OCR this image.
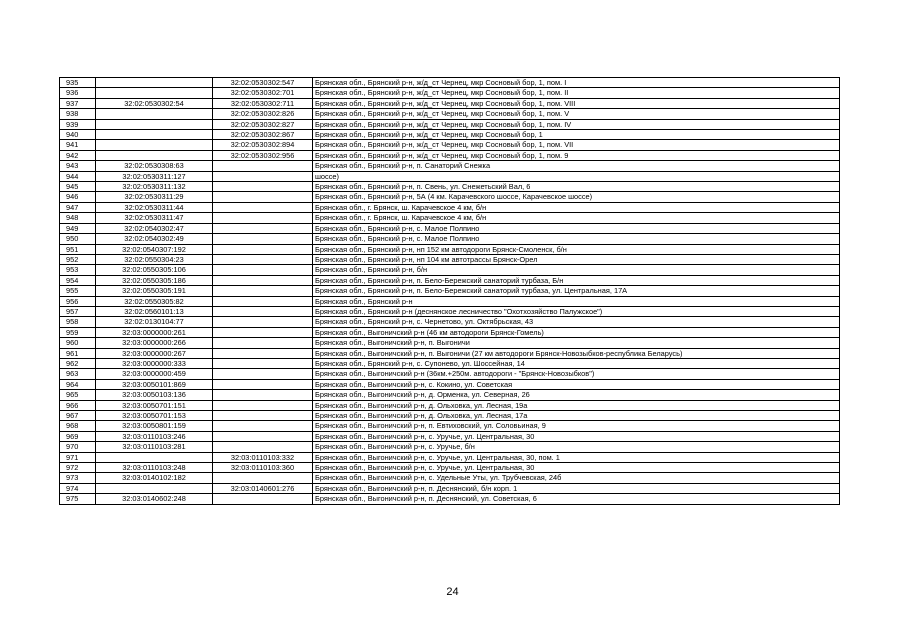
935		32:02:0530302:547	Брянская обл., Брянский р-н, ж/д_ст Чернец, мкр Сосновый бор, 1, пом. I
936		32:02:0530302:701	Брянская обл., Брянский р-н, ж/д_ст Чернец, мкр Сосновый бор, 1, пом. II
937	32:02:0530302:54	32:02:0530302:711	Брянская обл., Брянский р-н, ж/д_ст Чернец, мкр Сосновый бор, 1, пом. VIII
938		32:02:0530302:826	Брянская обл., Брянский р-н, ж/д_ст Чернец, мкр Сосновый бор, 1, пом. V
939		32:02:0530302:827	Брянская обл., Брянский р-н, ж/д_ст Чернец, мкр Сосновый бор, 1, пом. IV
940		32:02:0530302:867	Брянская обл., Брянский р-н, ж/д_ст Чернец, мкр Сосновый бор, 1
941		32:02:0530302:894	Брянская обл., Брянский р-н, ж/д_ст Чернец, мкр Сосновый бор, 1, пом. VII
942		32:02:0530302:956	Брянская обл., Брянский р-н, ж/д_ст Чернец, мкр Сосновый бор, 1, пом. 9
943	32:02:0530308:63		Брянская обл., Брянский р-н, п. Санаторий Снежка
944	32:02:0530311:127		шоссе)
945	32:02:0530311:132		Брянская обл., Брянский р-н, п. Свень, ул. Снежетьский Вал, 6
946	32:02:0530311:29		Брянская обл., Брянский р-н, 5А (4 км. Карачевского шоссе, Карачевское шоссе)
947	32:02:0530311:44		Брянская обл., г. Брянск, ш. Карачевское 4 км, б/н
948	32:02:0530311:47		Брянская обл., г. Брянск, ш. Карачевское 4 км, б/н
949	32:02:0540302:47		Брянская обл., Брянский р-н, с. Малое Полпино
950	32:02:0540302:49		Брянская обл., Брянский р-н, с. Малое Полпино
951	32:02:0540307:192		Брянская обл., Брянский р-н, нп 152 км автодороги Брянск-Смоленск, б/н
952	32:02:0550304:23		Брянская обл., Брянский р-н, нп 104 км автотрассы Брянск-Орел
953	32:02:0550305:106		Брянская обл., Брянский р-н, б/н
954	32:02:0550305:186		Брянская обл., Брянский р-н, п. Бело-Бережский санаторий турбаза, Б/н
955	32:02:0550305:191		Брянская обл., Брянский р-н, п. Бело-Бережский санаторий турбаза, ул. Центральная, 17А
956	32:02:0550305:82		Брянская обл., Брянский р-н
957	32:02:0560101:13		Брянская обл., Брянский р-н (деснянское лесничество "Охотхозяйство Палужское")
958	32:02:0130104:77		Брянская обл., Брянский р-н, с. Чернетово, ул. Октябрьская, 43
959	32:03:0000000:261		Брянская обл., Выгоничский р-н (46 км автодороги Брянск-Гомель)
960	32:03:0000000:266		Брянская обл., Выгоничский р-н, п. Выгоничи
961	32:03:0000000:267		Брянская обл., Выгоничский р-н, п. Выгоничи (27 км автодороги Брянск-Новозыбков-республика Беларусь)
962	32:03:0000000:333		Брянская обл., Брянский р-н, с. Супонево, ул. Шоссейная, 14
963	32:03:0000000:459		Брянская обл., Выгоничский р-н (36км.+250м. автодороги - "Брянск-Новозыбков")
964	32:03:0050101:869		Брянская обл., Выгоничский р-н, с. Кокино, ул. Советская
965	32:03:0050103:136		Брянская обл., Выгоничский р-н, д. Орменка, ул. Северная, 26
966	32:03:0050701:151		Брянская обл., Выгоничский р-н, д. Ольховка, ул. Лесная, 19а
967	32:03:0050701:153		Брянская обл., Выгоничский р-н, д. Ольховка, ул. Лесная, 17а
968	32:03:0050801:159		Брянская обл., Выгоничский р-н, п. Евтиховский, ул. Соловьиная, 9
969	32:03:0110103:246		Брянская обл., Выгоничский р-н, с. Уручье, ул. Центральная, 30
970	32:03:0110103:281		Брянская обл., Выгоничский р-н, с. Уручье, б/н
971		32:03:0110103:332	Брянская обл., Выгоничский р-н, с. Уручье, ул. Центральная, 30, пом. 1
972	32:03:0110103:248	32:03:0110103:360	Брянская обл., Выгоничский р-н, с. Уручье, ул. Центральная, 30
973	32:03:0140102:182		Брянская обл., Выгоничский р-н, с. Удельные Уты, ул. Трубчевская, 24б
974		32:03:0140601:276	Брянская обл., Выгоничский р-н, п. Деснянский, б/н корп. 1
975	32:03:0140602:248		Брянская обл., Выгоничский р-н, п. Деснянский, ул. Советская, 6
24
